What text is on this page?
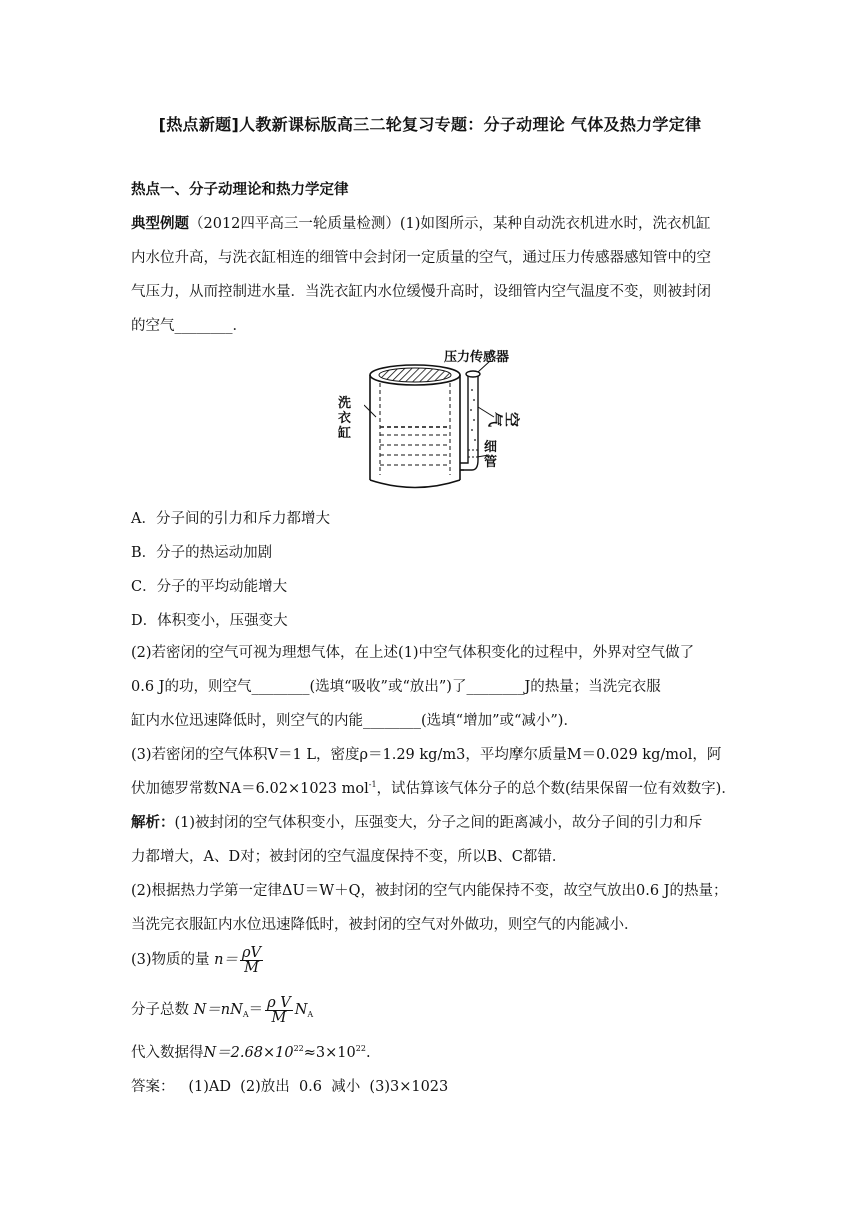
[热点新题]人教新课标版高三二轮复习专题：分子动理论 气体及热力学定律
热点一、分子动理论和热力学定律
典型例题（2012四平高三一轮质量检测）(1)如图所示，某种自动洗衣机进水时，洗衣机缸
内水位升高，与洗衣缸相连的细管中会封闭一定质量的空气，通过压力传感器感知管中的空
气压力，从而控制进水量．当洗衣缸内水位缓慢升高时，设细管内空气温度不变，则被封闭
的空气________．
压力传感器
洗衣缸
空气
细管
A．分子间的引力和斥力都增大
B．分子的热运动加剧
C．分子的平均动能增大
D．体积变小，压强变大
(2)若密闭的空气可视为理想气体，在上述(1)中空气体积变化的过程中，外界对空气做了
0.6 J的功，则空气________(选填“吸收”或“放出”)了________J的热量；当洗完衣服
缸内水位迅速降低时，则空气的内能________(选填“增加”或“减小”)．
(3)若密闭的空气体积V＝1 L，密度ρ＝1.29 kg/m3，平均摩尔质量M＝0.029 kg/mol，阿
伏加德罗常数NA＝6.02×1023 mol$^{-1}$，试估算该气体分子的总个数(结果保留一位有效数字)．
解析：(1)被封闭的空气体积变小，压强变大，分子之间的距离减小，故分子间的引力和斥
力都增大，A、D对；被封闭的空气温度保持不变，所以B、C都错．
(2)根据热力学第一定律ΔU＝W＋Q，被封闭的空气内能保持不变，故空气放出0.6 J的热量；
当洗完衣服缸内水位迅速降低时，被封闭的空气对外做功，则空气的内能减小．
(3)物质的量 $n= \frac{\rho V}{M}$
分子总数 $N=nN_A= \frac{\text{ρ V}}{M} N_A$
代入数据得$N=2.68\times 10^{22}\approx 3\times 10^{22}$.
答案：   (1)AD  (2)放出  0.6  减小  (3)3×1023
